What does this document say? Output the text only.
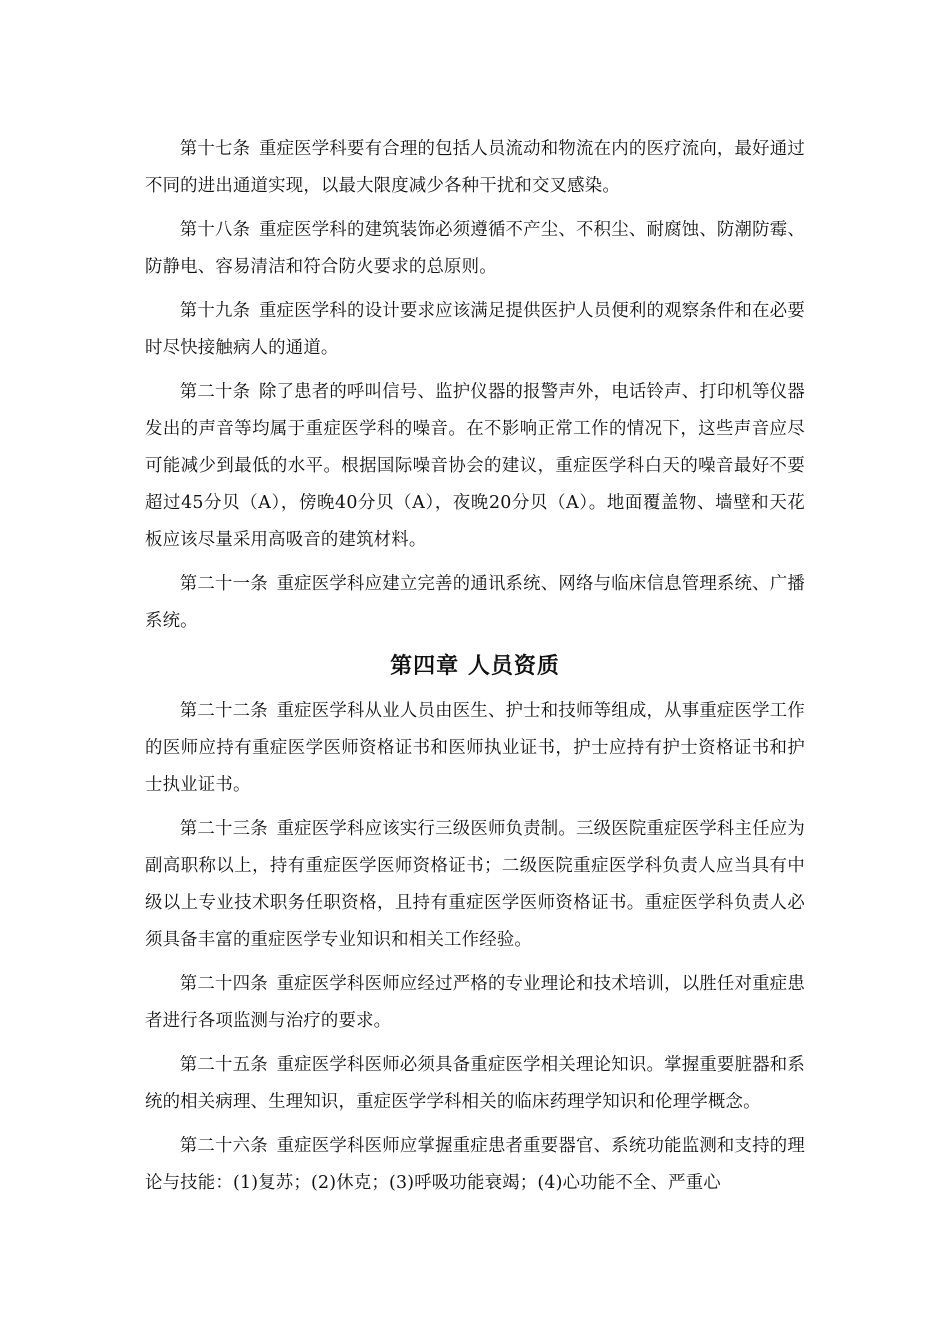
第十七条 重症医学科要有合理的包括人员流动和物流在内的医疗流向，最好通过不同的进出通道实现，以最大限度减少各种干扰和交叉感染。

第十八条 重症医学科的建筑装饰必须遵循不产尘、不积尘、耐腐蚀、防潮防霉、防静电、容易清洁和符合防火要求的总原则。

第十九条 重症医学科的设计要求应该满足提供医护人员便利的观察条件和在必要时尽快接触病人的通道。

第二十条 除了患者的呼叫信号、监护仪器的报警声外，电话铃声、打印机等仪器发出的声音等均属于重症医学科的噪音。在不影响正常工作的情况下，这些声音应尽可能减少到最低的水平。根据国际噪音协会的建议，重症医学科白天的噪音最好不要超过45分贝（A），傍晚40分贝（A），夜晚20分贝（A）。地面覆盖物、墙壁和天花板应该尽量采用高吸音的建筑材料。

第二十一条 重症医学科应建立完善的通讯系统、网络与临床信息管理系统、广播系统。

第四章 人员资质

第二十二条 重症医学科从业人员由医生、护士和技师等组成，从事重症医学工作的医师应持有重症医学医师资格证书和医师执业证书，护士应持有护士资格证书和护士执业证书。

第二十三条 重症医学科应该实行三级医师负责制。三级医院重症医学科主任应为副高职称以上，持有重症医学医师资格证书；二级医院重症医学科负责人应当具有中级以上专业技术职务任职资格，且持有重症医学医师资格证书。重症医学科负责人必须具备丰富的重症医学专业知识和相关工作经验。

第二十四条 重症医学科医师应经过严格的专业理论和技术培训，以胜任对重症患者进行各项监测与治疗的要求。

第二十五条 重症医学科医师必须具备重症医学相关理论知识。掌握重要脏器和系统的相关病理、生理知识，重症医学学科相关的临床药理学知识和伦理学概念。

第二十六条 重症医学科医师应掌握重症患者重要器官、系统功能监测和支持的理论与技能：(1)复苏；(2)休克；(3)呼吸功能衰竭；(4)心功能不全、严重心
